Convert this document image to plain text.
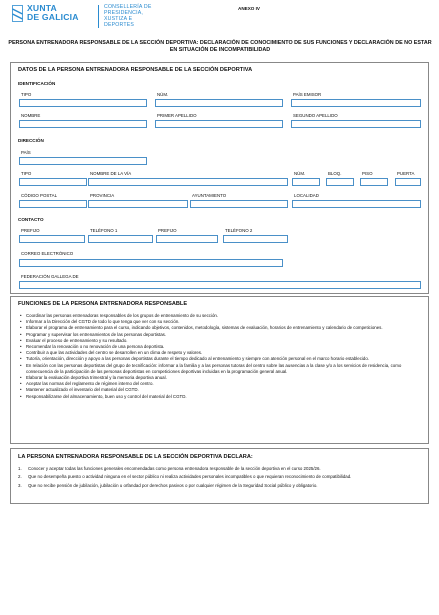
XUNTA
DE GALICIA
CONSELLERÍA DE
PRESIDENCIA,
XUSTIZA E DEPORTES
ANEXO IV
PERSONA ENTRENADORA RESPONSABLE DE LA SECCIÓN DEPORTIVA: DECLARACIÓN DE CONOCIMIENTO DE SUS FUNCIONES Y DECLARACIÓN DE NO ESTAR EN SITUACIÓN DE INCOMPATIBILIDAD
DATOS DE LA PERSONA ENTRENADORA RESPONSABLE DE LA SECCIÓN DEPORTIVA
IDENTIFICACIÓN
TIPO	NÚM.	PAÍS EMISOR
NOMBRE	PRIMER APELLIDO	SEGUNDO APELLIDO
DIRECCIÓN
PAÍS
TIPO	NOMBRE DE LA VÍA	NÚM.	BLOQ.	PISO	PUERTA
CÓDIGO POSTAL	PROVINCIA	AYUNTAMIENTO	LOCALIDAD
CONTACTO
PREFIJO	TELÉFONO 1	PREFIJO	TELÉFONO 2
CORREO ELECTRÓNICO
FEDERACIÓN GALLEGA DE
FUNCIONES DE LA PERSONA ENTRENADORA RESPONSABLE
• Coordinar las personas entrenadoras responsables de los grupos de entrenamiento de su sección.
• Informar a la Dirección del CGTD de todo lo que tenga que ver con su sección.
• Elaborar el programa de entrenamiento para el curso, indicando objetivos, contenidos, metodología, sistemas de evaluación, horarios de entrenamiento y calendario de competiciones.
• Programar y supervisar los entrenamientos de las personas deportistas.
• Evaluar el proceso de entrenamiento y su resultado.
• Recomendar la renovación o no renovación de una persona deportista.
• Contribuir a que las actividades del centro se desarrollen en un clima de respeto y valores.
• Tutoría, orientación, dirección y apoyo a las personas deportistas durante el tiempo dedicado al entrenamiento y siempre con atención personal en el marco horario establecido.
• En relación con las personas deportistas del grupo de tecnificación: informar a la familia y a las personas tutoras del centro sobre las ausencias a la clase y/o a los servicios de residencia, como consecuencia de la participación de las personas deportistas en competiciones deportivas incluidas en la programación general anual.
• Elaborar la evaluación deportiva trimestral y la memoria deportiva anual.
• Aceptar las normas del reglamento de régimen interno del centro.
• Mantener actualizado el inventario del material del CGTD.
• Responsabilizarse del almacenamiento, buen uso y control del material del CGTD.
LA PERSONA ENTRENADORA RESPONSABLE DE LA SECCIÓN DEPORTIVA DECLARA:
1. Conocer y aceptar todas las funciones generales encomendadas como persona entrenadora responsable de la sección deportiva en el curso 2025/26.
2. Que no desempeña puesto o actividad ninguna en el sector público ni realiza actividades personales incompatibles o que requieran reconocimiento de compatibilidad.
3. Que no recibe pensión de jubilación, jubilación u orfandad por derechos pasivos o por cualquier régimen de la Seguridad Social público y obligatorio.
